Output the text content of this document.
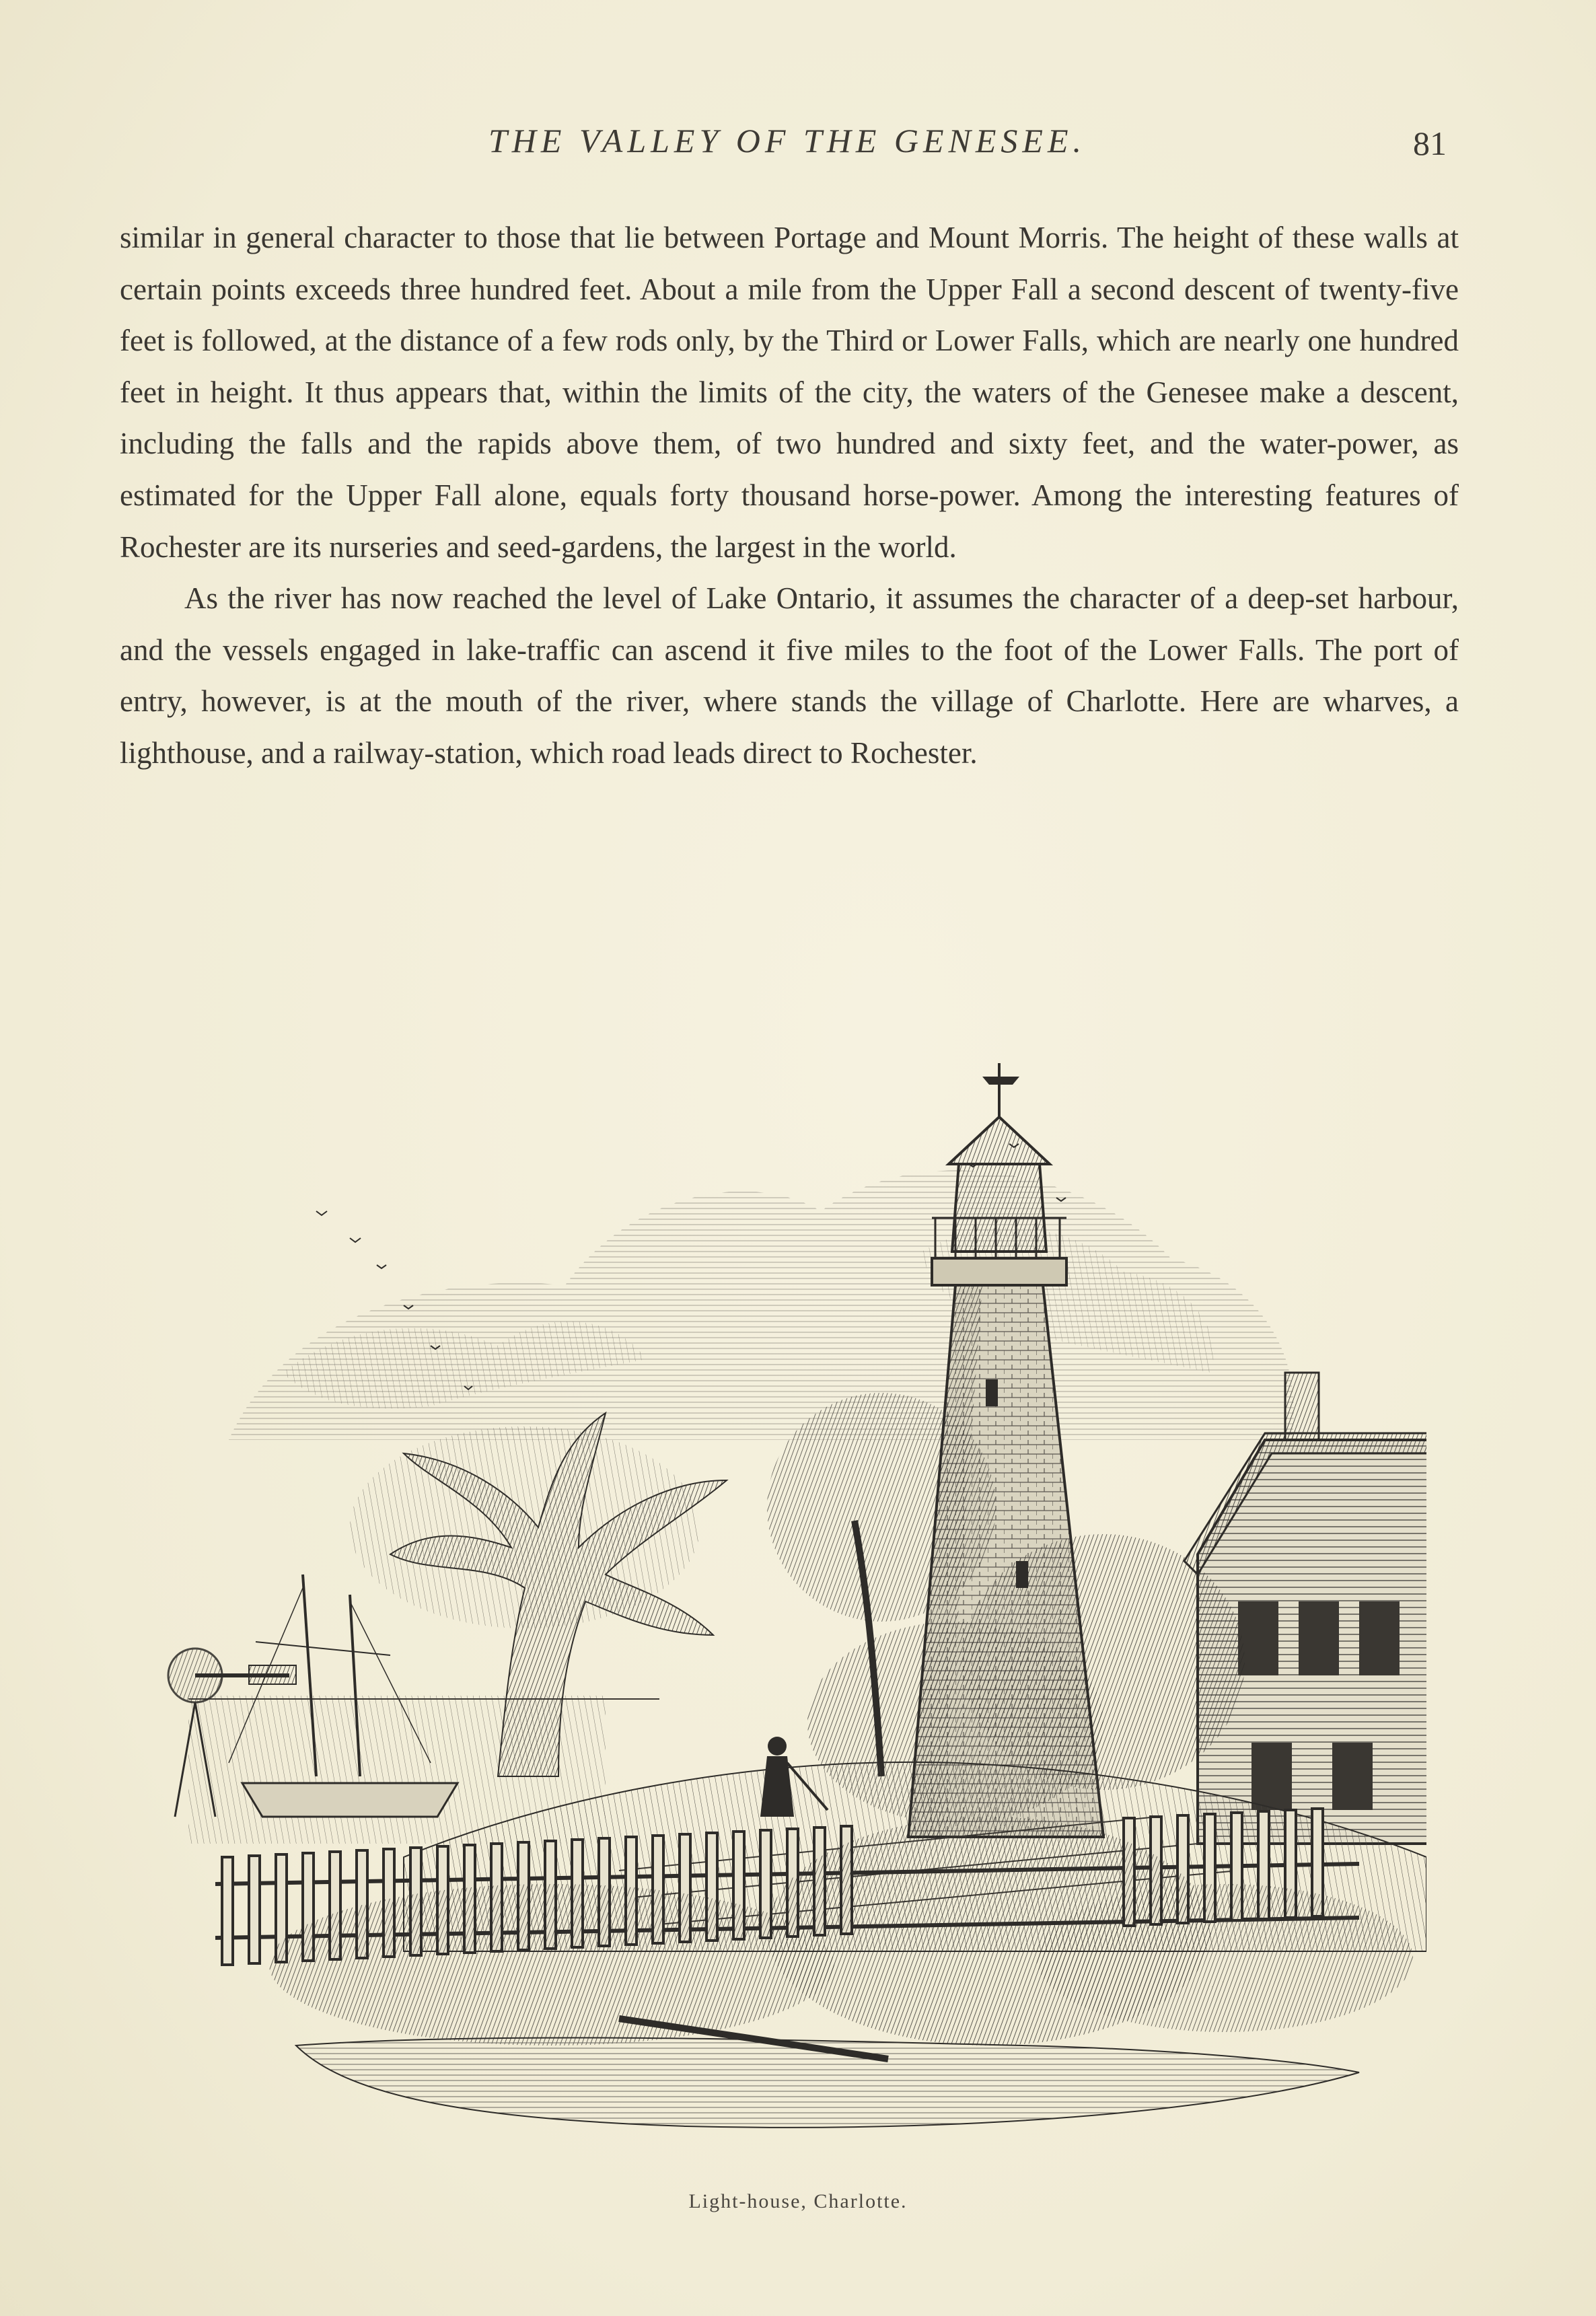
THE VALLEY OF THE GENESEE.	81

similar in general character to those that lie between Portage and Mount Morris. The height of these walls at certain points exceeds three hundred feet. About a mile from the Upper Fall a second descent of twenty-five feet is followed, at the distance of a few rods only, by the Third or Lower Falls, which are nearly one hundred feet in height. It thus appears that, within the limits of the city, the waters of the Genesee make a descent, including the falls and the rapids above them, of two hundred and sixty feet, and the water-power, as estimated for the Upper Fall alone, equals forty thousand horse-power. Among the interesting features of Rochester are its nurseries and seed-gardens, the largest in the world.

As the river has now reached the level of Lake Ontario, it assumes the character of a deep-set harbour, and the vessels engaged in lake-traffic can ascend it five miles to the foot of the Lower Falls. The port of entry, however, is at the mouth of the river, where stands the village of Charlotte. Here are wharves, a lighthouse, and a railway-station, which road leads direct to Rochester.

Light-house, Charlotte.
